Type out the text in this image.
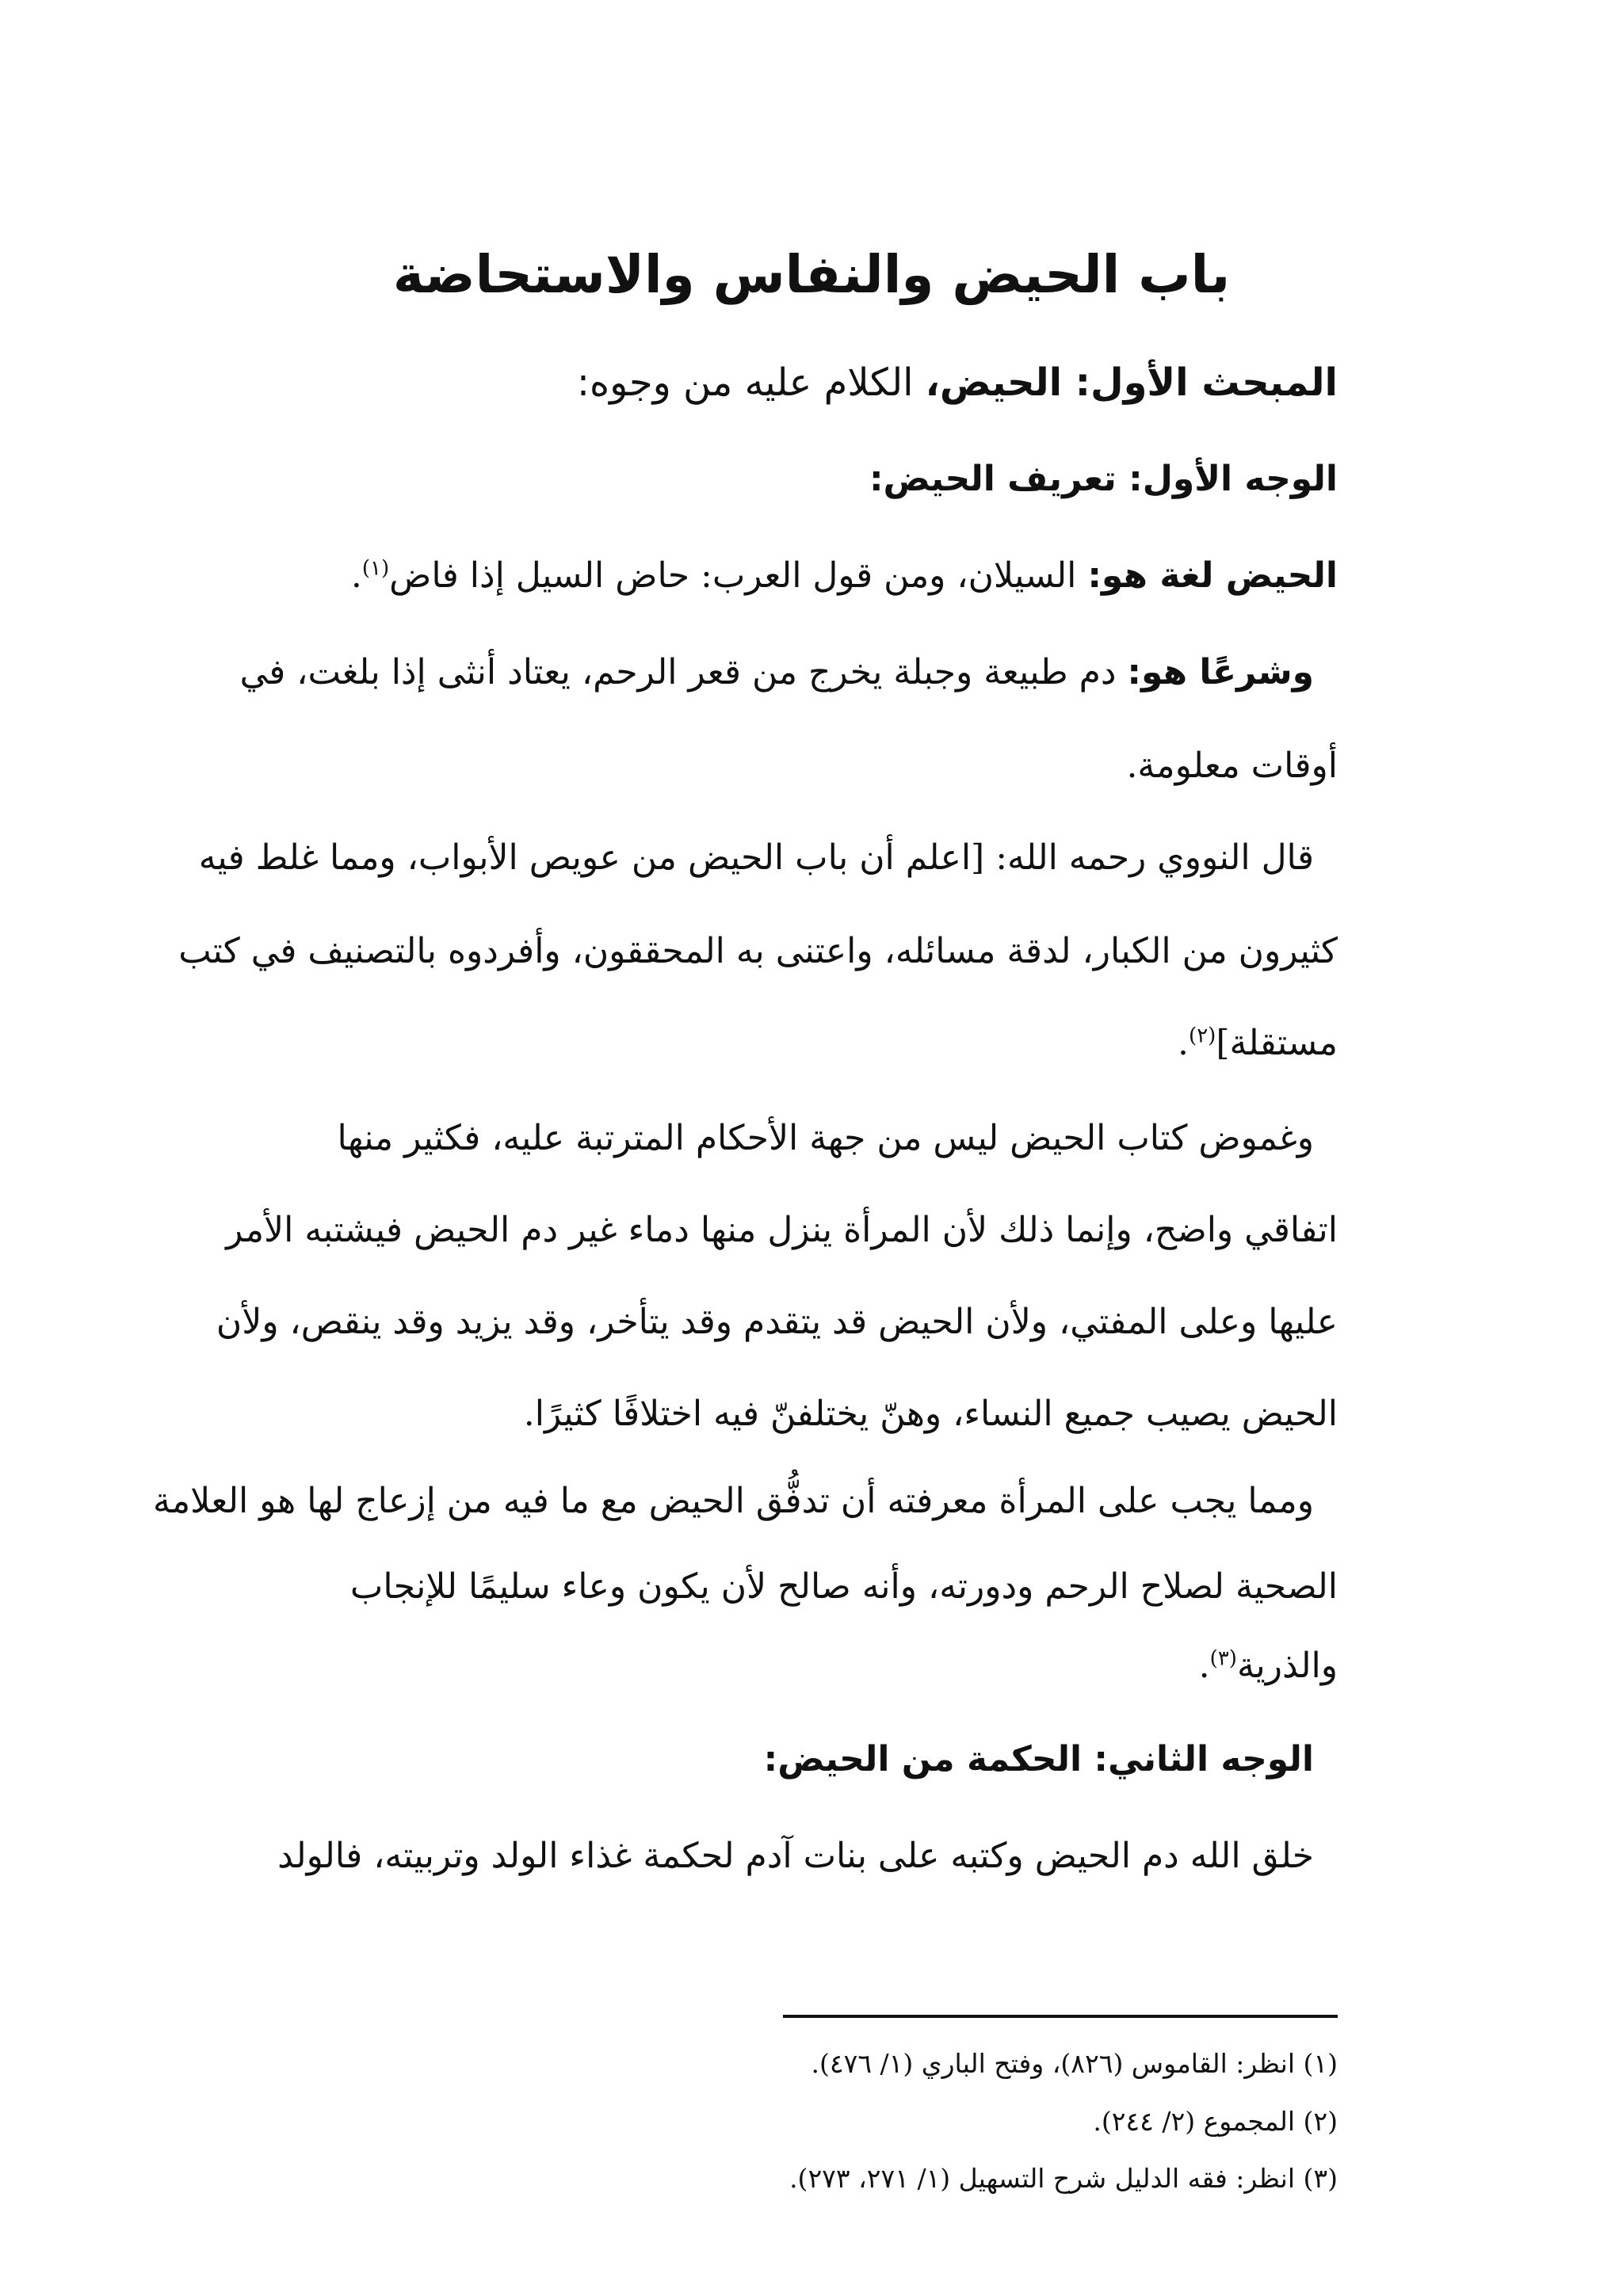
باب الحيض والنفاس والاستحاضة

المبحث الأول: الحيض، الكلام عليه من وجوه:

الوجه الأول: تعريف الحيض:

الحيض لغة هو: السيلان، ومن قول العرب: حاض السيل إذا فاض$^{(١)}$.

وشرعًا هو: دم طبيعة وجبلة يخرج من قعر الرحم، يعتاد أنثى إذا بلغت، في

أوقات معلومة.

قال النووي رحمه الله: [اعلم أن باب الحيض من عويص الأبواب، ومما غلط فيه

كثيرون من الكبار، لدقة مسائله، واعتنى به المحققون، وأفردوه بالتصنيف في كتب

مستقلة]$^{(٢)}$.

وغموض كتاب الحيض ليس من جهة الأحكام المترتبة عليه، فكثير منها

اتفاقي واضح، وإنما ذلك لأن المرأة ينزل منها دماء غير دم الحيض فيشتبه الأمر

عليها وعلى المفتي، ولأن الحيض قد يتقدم وقد يتأخر، وقد يزيد وقد ينقص، ولأن

الحيض يصيب جميع النساء، وهنّ يختلفنّ فيه اختلافًا كثيرًا.

ومما يجب على المرأة معرفته أن تدفُّق الحيض مع ما فيه من إزعاج لها هو العلامة

الصحية لصلاح الرحم ودورته، وأنه صالح لأن يكون وعاء سليمًا للإنجاب

والذرية$^{(٣)}$.

الوجه الثاني: الحكمة من الحيض:

خلق الله دم الحيض وكتبه على بنات آدم لحكمة غذاء الولد وتربيته، فالولد

(١) انظر: القاموس (٨٢٦)، وفتح الباري (١/ ٤٧٦).

(٢) المجموع (٢/ ٢٤٤).

(٣) انظر: فقه الدليل شرح التسهيل (١/ ٢٧١، ٢٧٣).
